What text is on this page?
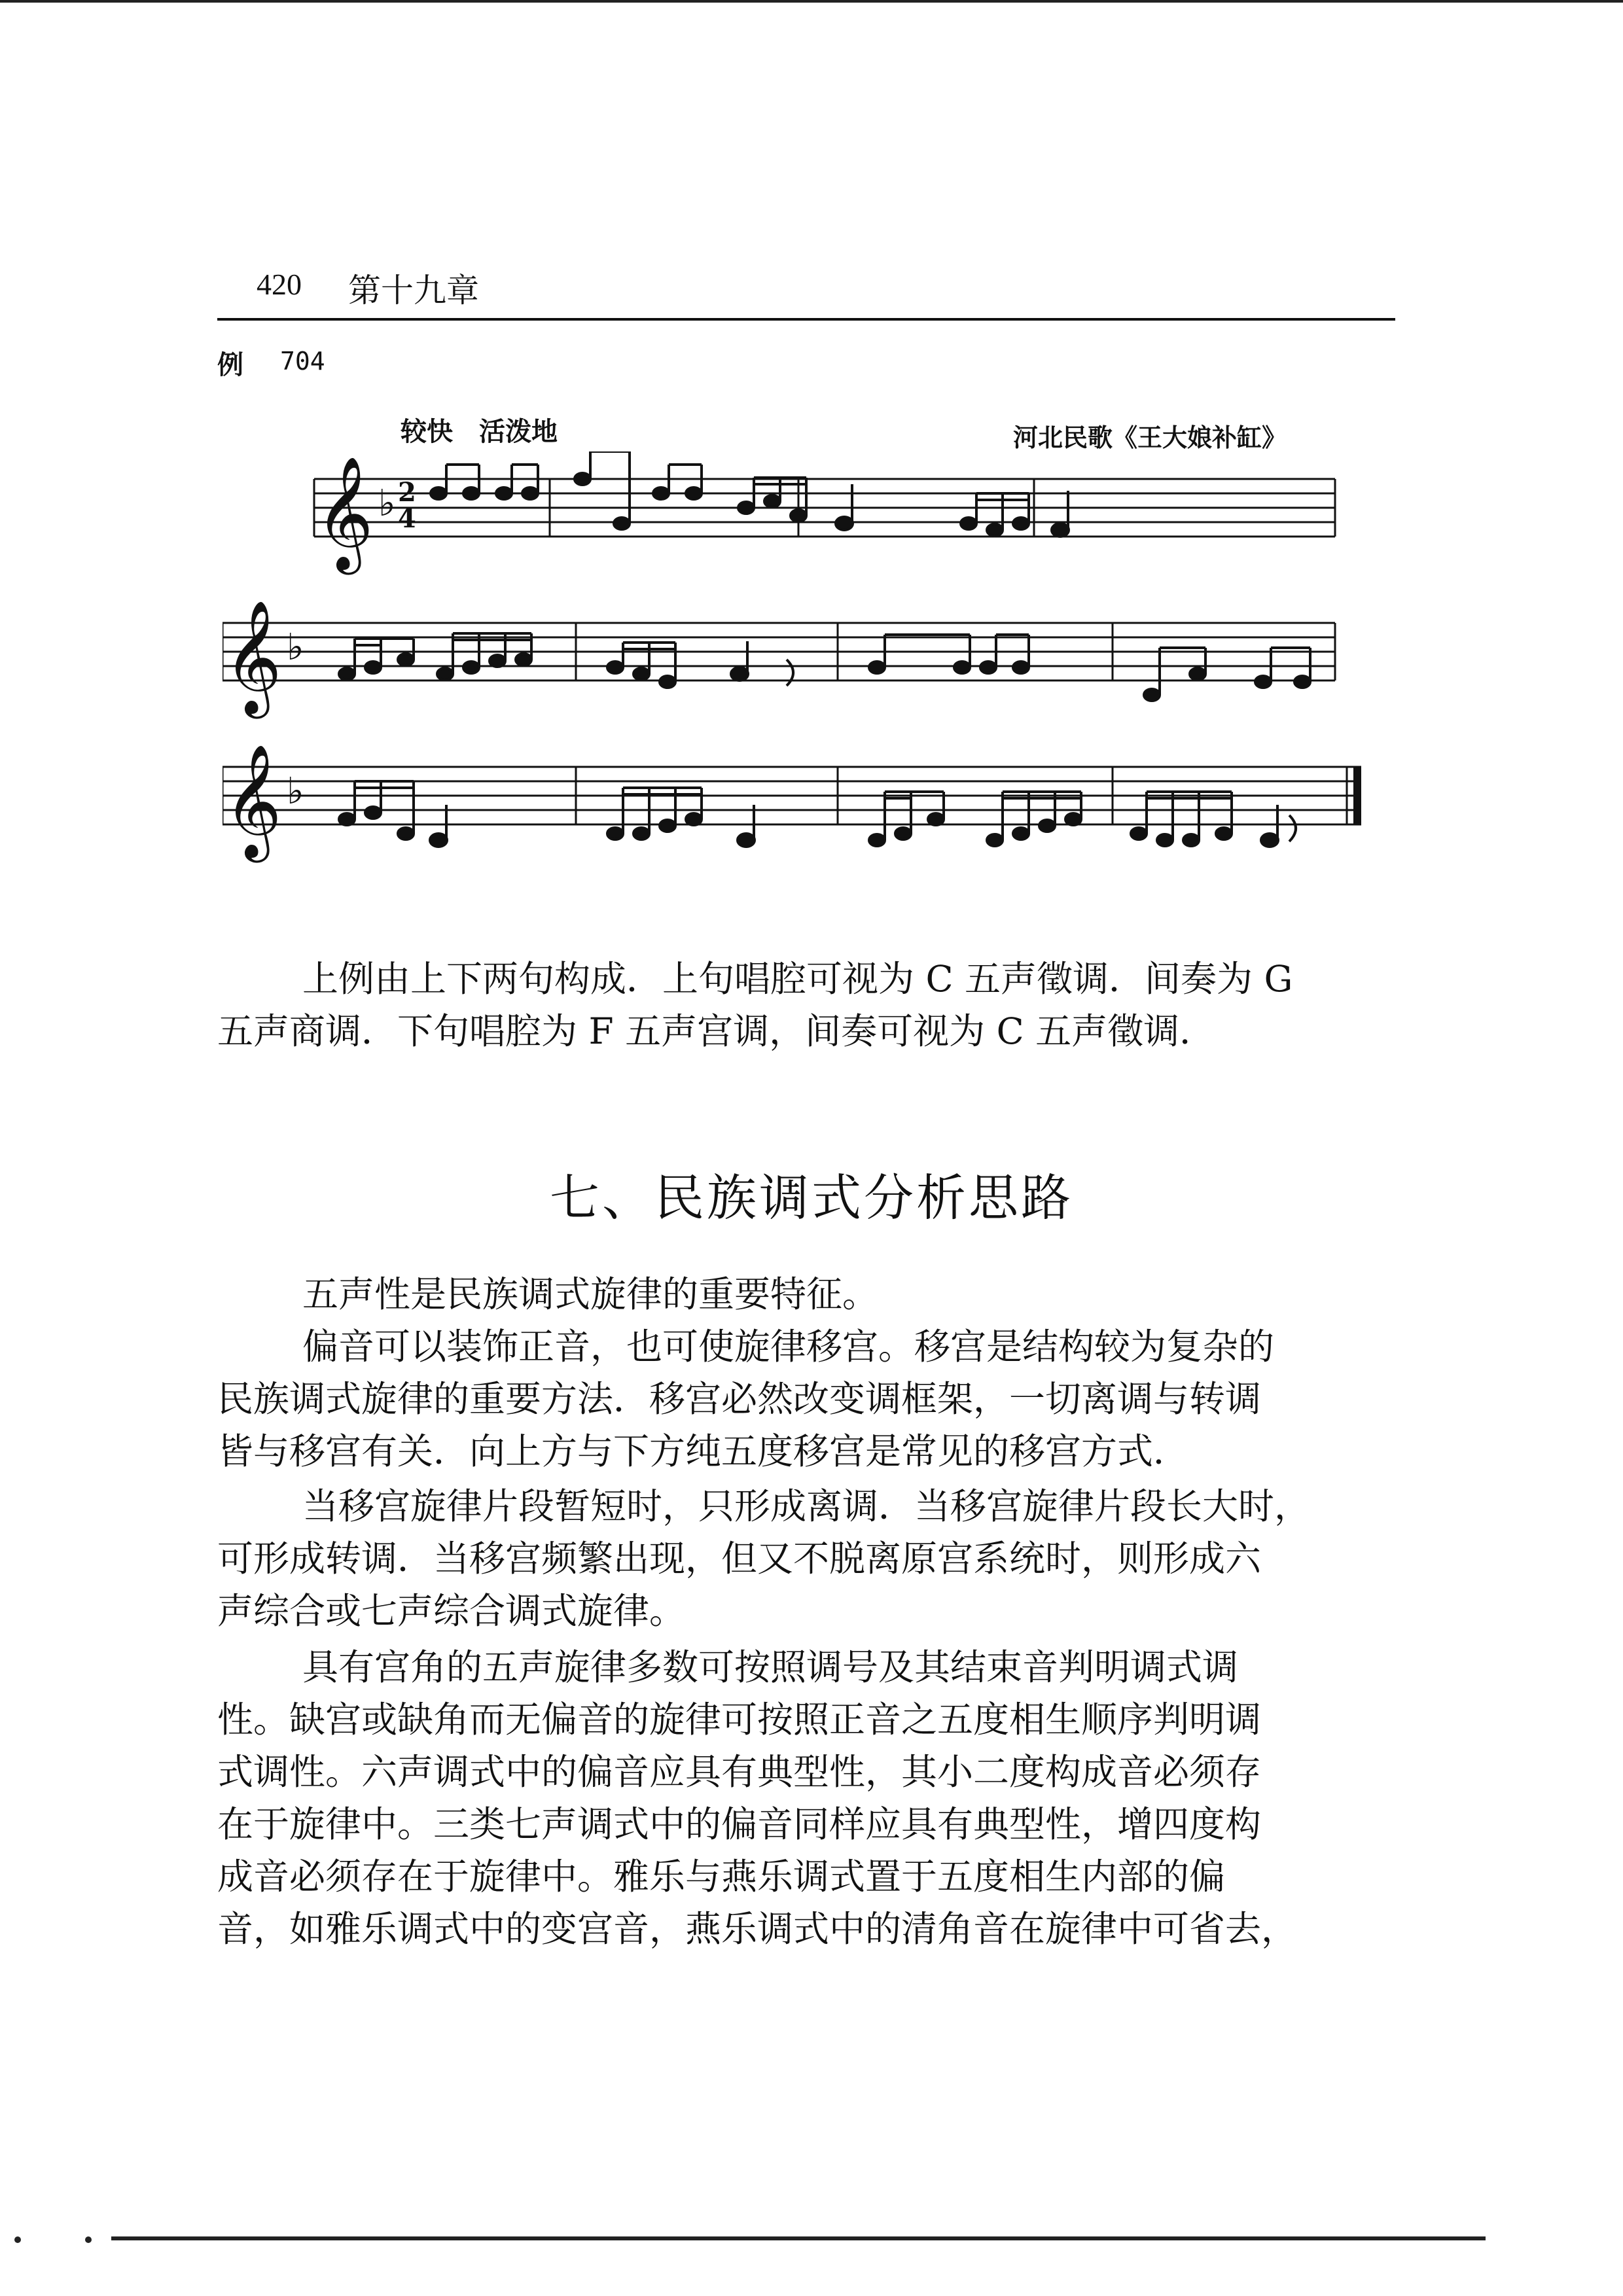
420 第十九章
例 704
较快　活泼地	河北民歌《王大娘补缸》
𝄞
𝄞
𝄞
♭
♭
♭
2
4

上例由上下两句构成．上句唱腔可视为 C 五声徵调．间奏为 G
五声商调．下句唱腔为 F 五声宫调，间奏可视为 C 五声徵调．

七、民族调式分析思路

五声性是民族调式旋律的重要特征。

偏音可以装饰正音，也可使旋律移宫。移宫是结构较为复杂的
民族调式旋律的重要方法．移宫必然改变调框架，一切离调与转调
皆与移宫有关．向上方与下方纯五度移宫是常见的移宫方式．

当移宫旋律片段暂短时，只形成离调．当移宫旋律片段长大时，
可形成转调．当移宫频繁出现，但又不脱离原宫系统时，则形成六
声综合或七声综合调式旋律。

具有宫角的五声旋律多数可按照调号及其结束音判明调式调
性。缺宫或缺角而无偏音的旋律可按照正音之五度相生顺序判明调
式调性。六声调式中的偏音应具有典型性，其小二度构成音必须存
在于旋律中。三类七声调式中的偏音同样应具有典型性，增四度构
成音必须存在于旋律中。雅乐与燕乐调式置于五度相生内部的偏
音，如雅乐调式中的变宫音，燕乐调式中的清角音在旋律中可省去，
